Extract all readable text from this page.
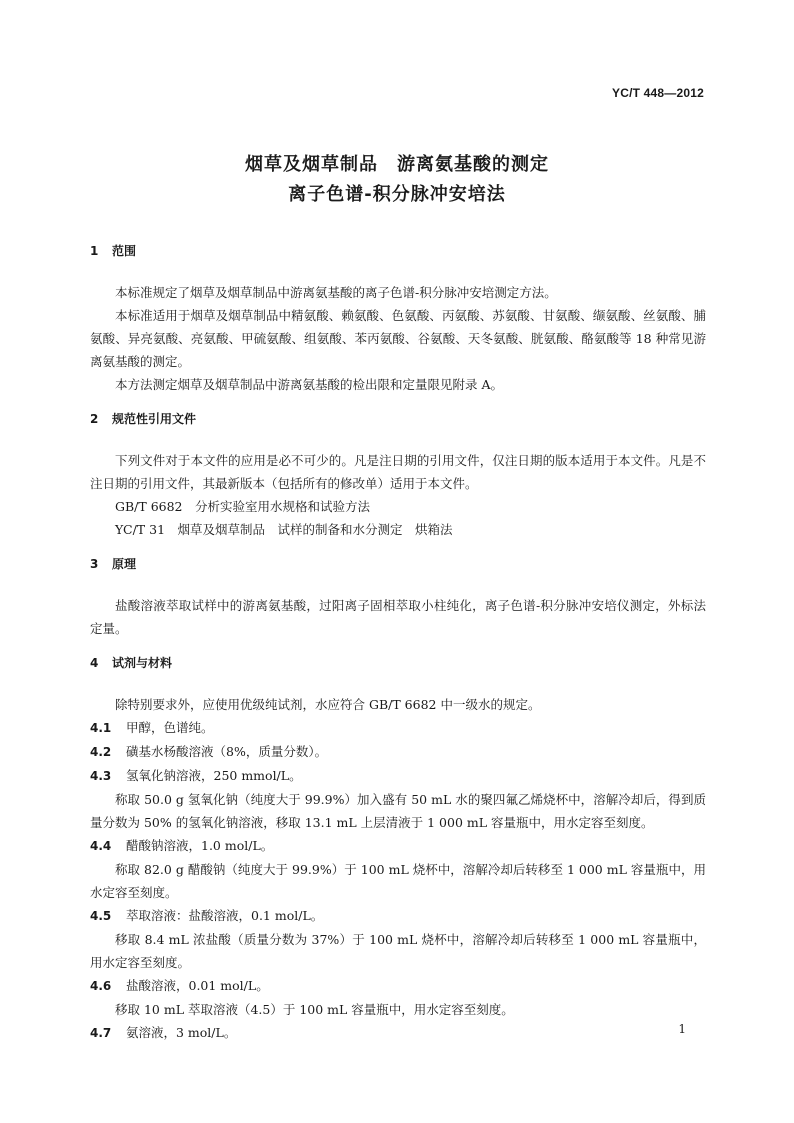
YC/T 448—2012
烟草及烟草制品　游离氨基酸的测定
离子色谱-积分脉冲安培法
1 范围

本标准规定了烟草及烟草制品中游离氨基酸的离子色谱-积分脉冲安培测定方法。

本标准适用于烟草及烟草制品中精氨酸、赖氨酸、色氨酸、丙氨酸、苏氨酸、甘氨酸、缬氨酸、丝氨酸、脯氨酸、异亮氨酸、亮氨酸、甲硫氨酸、组氨酸、苯丙氨酸、谷氨酸、天冬氨酸、胱氨酸、酪氨酸等 18 种常见游离氨基酸的测定。

本方法测定烟草及烟草制品中游离氨基酸的检出限和定量限见附录 A。

2 规范性引用文件

下列文件对于本文件的应用是必不可少的。凡是注日期的引用文件，仅注日期的版本适用于本文件。凡是不注日期的引用文件，其最新版本（包括所有的修改单）适用于本文件。

GB/T 6682　分析实验室用水规格和试验方法

YC/T 31　烟草及烟草制品　试样的制备和水分测定　烘箱法

3 原理

盐酸溶液萃取试样中的游离氨基酸，过阳离子固相萃取小柱纯化，离子色谱-积分脉冲安培仪测定，外标法定量。

4 试剂与材料

除特别要求外，应使用优级纯试剂，水应符合 GB/T 6682 中一级水的规定。

4.1 甲醇，色谱纯。

4.2 磺基水杨酸溶液（8%，质量分数）。

4.3 氢氧化钠溶液，250 mmol/L。

称取 50.0 g 氢氧化钠（纯度大于 99.9%）加入盛有 50 mL 水的聚四氟乙烯烧杯中，溶解冷却后，得到质量分数为 50% 的氢氧化钠溶液，移取 13.1 mL 上层清液于 1 000 mL 容量瓶中，用水定容至刻度。

4.4 醋酸钠溶液，1.0 mol/L。

称取 82.0 g 醋酸钠（纯度大于 99.9%）于 100 mL 烧杯中，溶解冷却后转移至 1 000 mL 容量瓶中，用水定容至刻度。

4.5 萃取溶液：盐酸溶液，0.1 mol/L。

移取 8.4 mL 浓盐酸（质量分数为 37%）于 100 mL 烧杯中，溶解冷却后转移至 1 000 mL 容量瓶中，用水定容至刻度。

4.6 盐酸溶液，0.01 mol/L。

移取 10 mL 萃取溶液（4.5）于 100 mL 容量瓶中，用水定容至刻度。

4.7 氨溶液，3 mol/L。	1
